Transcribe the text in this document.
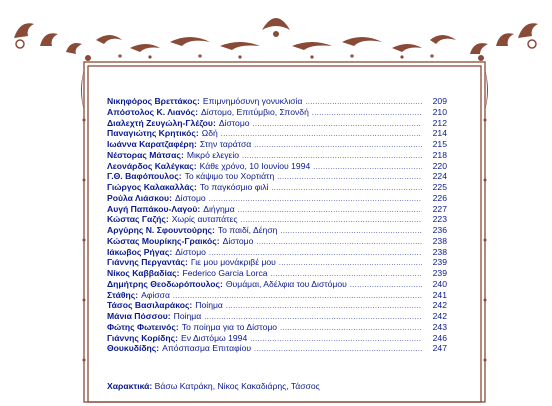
Νικηφόρος Βρεττάκος : Επιμνημόσυνη γονυκλισία .....	209
Απόστολος Κ. Λιανός : Δίστομο, Επιτύμβιο, Σπονδή .....	210
Διαλεχτή Ζευγώλη-Γλέζου : Δίστομο .....	212
Παναγιώτης Κρητικός : Ωδή .....	214
Ιωάννα Καρατζαφέρη : Στην ταράτσα .....	215
Νέστορας Μάτσας : Μικρό ελεγείο .....	218
Λεονάρδος Καλέγκας : Κάθε χρόνο, 10 Ιουνίου 1994 .....	220
Γ.Θ. Βαφόπουλος : Το κάψιμο του Χορτιάτη .....	224
Γιώργος Καλακαλλάς : Το παγκόσμιο φιλί .....	225
Ρούλα Λιάσκου : Δίστομο .....	226
Αυγή Παπάκου-Λαγού : Διήγημα .....	227
Κώστας Γαζής : Χωρίς αυταπάτες .....	223
Αργύρης Ν. Σφουντούρης : Το παιδί, Δέηση .....	236
Κώστας Μουρίκης-Γραικός : Δίστομο .....	238
Ιάκωβος Ρήγας : Δίστομο .....	238
Γιάννης Περγαντάς : Γιε μου μονάκριβέ μου .....	239
Νίκος Καββαδίας : Federico Garcia Lorca .....	239
Δημήτρης Θεοδωρόπουλος : Θυμάμαι, Αδέλφια του Διστόμου .....	240
Στάθης : Αφίσσα .....	241
Τάσος Βασιλαράκος : Ποίημα .....	242
Μάνια Πόσσου : Ποίημα .....	242
Φώτης Φωτεινός : Το ποίημα για το Δίστομο .....	243
Γιάννης Κορίδης : Εν Διστόμω 1994 .....	246
Θουκυδίδης : Απόσπασμα Επιταφίου .....	247
Χαρακτικά: Βάσω Κατράκη, Νίκος Κακαδιάρης, Τάσσος
